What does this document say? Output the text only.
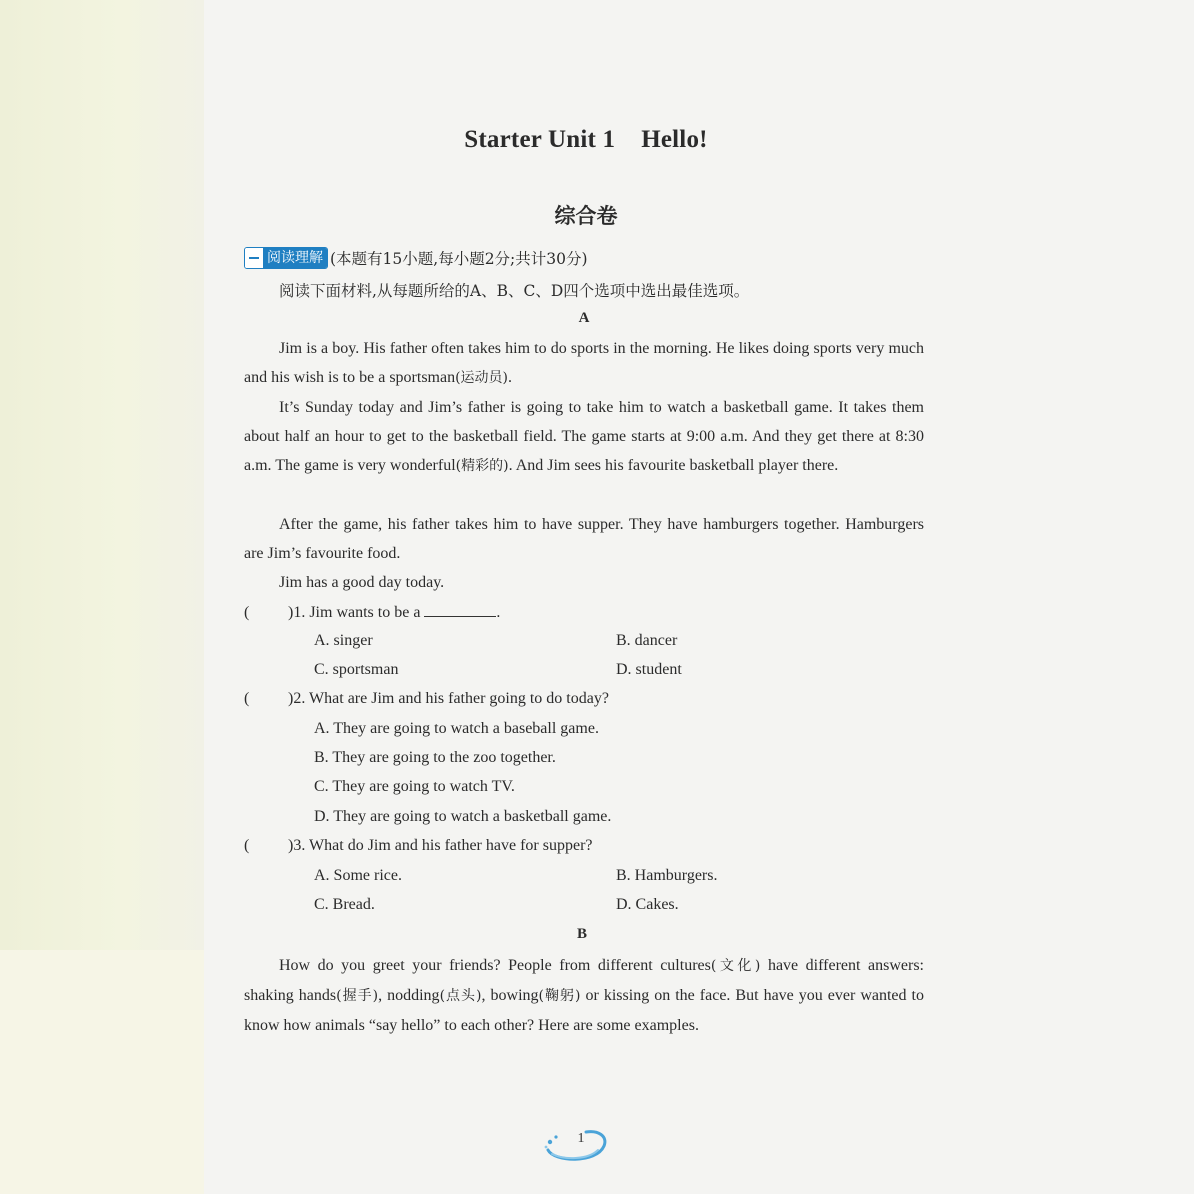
Starter Unit 1 Hello!
综合卷
阅读理解 (本题有15小题,每小题2分;共计30分)
阅读下面材料,从每题所给的A、B、C、D四个选项中选出最佳选项。
A

Jim is a boy. His father often takes him to do sports in the morning. He likes doing sports very much and his wish is to be a sportsman(运动员).

It’s Sunday today and Jim’s father is going to take him to watch a basketball game. It takes them about half an hour to get to the basketball field. The game starts at 9:00 a.m. And they get there at 8:30 a.m. The game is very wonderful(精彩的). And Jim sees his favourite basketball player there.

After the game, his father takes him to have supper. They have hamburgers together. Hamburgers are Jim’s favourite food.

Jim has a good day today.

( )1. Jim wants to be a	.
A. singer	B. dancer
C. sportsman	D. student
( )2. What are Jim and his father going to do today?
A. They are going to watch a baseball game.
B. They are going to the zoo together.
C. They are going to watch TV.
D. They are going to watch a basketball game.
( )3. What do Jim and his father have for supper?
A. Some rice.	B. Hamburgers.
C. Bread.	D. Cakes.
B

How do you greet your friends? People from different cultures(文化) have different answers: shaking hands(握手), nodding(点头), bowing(鞠躬) or kissing on the face. But have you ever wanted to know how animals “say hello” to each other? Here are some examples.

1
